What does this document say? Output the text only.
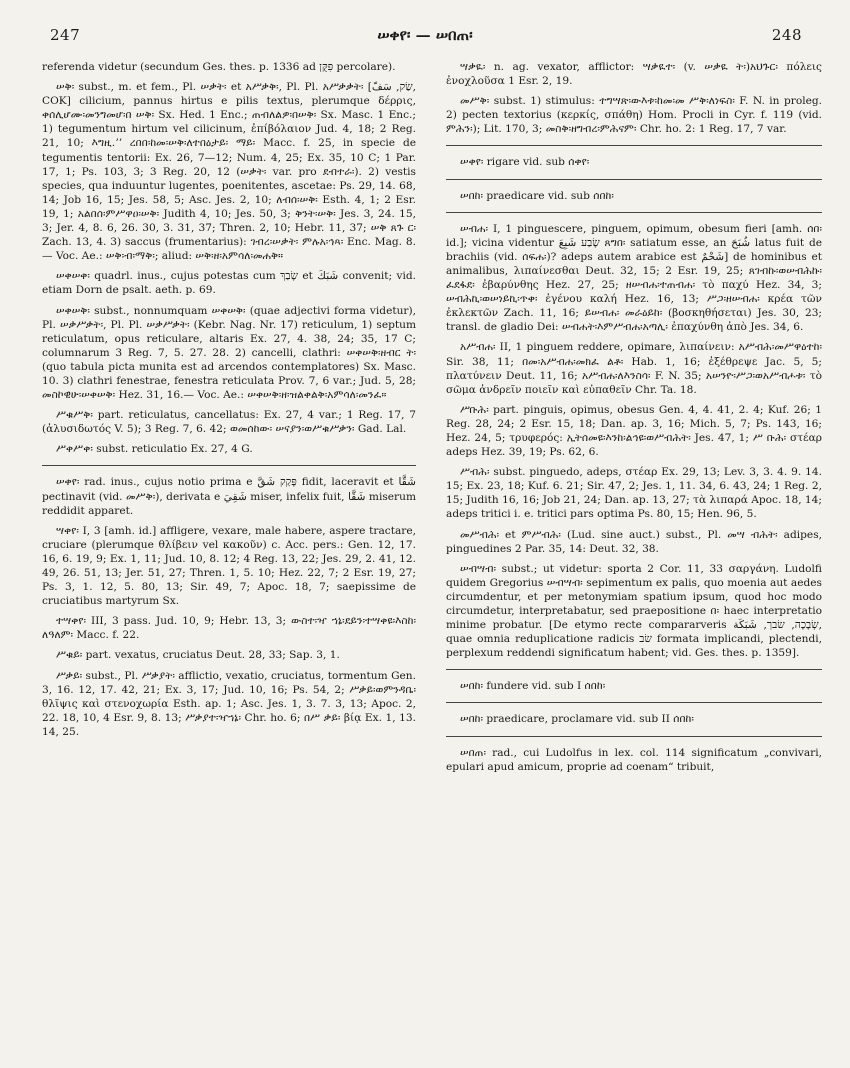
247	ሠቀየ፡ — ሠበጠ፡	248

referenda videtur (secundum Ges. thes. p. 1336 ad פִּקֻּן percolare).

ሠቅ፡ subst., m. et fem., Pl. ሠቃት፡ et አሥቃቅ፡, Pl. Pl. አሥቃቃት፡ [שַׂק, سَفّ, COK] cilicium, pannus hirtus e pilis textus, plerumque δέρρις, ቀሰሊሆሙ፡መንግመሆ፡በ ሠቅ፡ Sx. Hed. 1 Enc.; ጠብለልዎ፡በሠቅ፡ Sx. Masc. 1 Enc.; 1) tegumentum hirtum vel cilicinum, ἐπίβόλαιον Jud. 4, 18; 2 Reg. 21, 10; እግዚ.ʼʼ ረበበ፡ከመ፡ሠቅ፡ለተበዕታይ፡ ማይ፡ Macc. f. 25, in specie de tegumentis tentorii: Ex. 26, 7—12; Num. 4, 25; Ex. 35, 10 C; 1 Par. 17, 1; Ps. 103, 3; 3 Reg. 20, 12 (ሠቃት፡ var. pro ደብተራ፡). 2) vestis species, qua induuntur lugentes, poenitentes, ascetae: Ps. 29, 14. 68, 14; Job 16, 15; Jes. 58, 5; Asc. Jes. 2, 10; ለብሰ፡ሠቅ፡ Esth. 4, 1; 2 Esr. 19, 1; አልበሰ፡ምሥዋዐ፡ሠቅ፡ Judith 4, 10; Jes. 50, 3; ቅንት፡ሠቅ፡ Jes. 3, 24. 15, 3; Jer. 4, 8. 6, 26. 30, 3. 31, 37; Thren. 2, 10; Hebr. 11, 37; ሠቅ ጸጉ ር፡ Zach. 13, 4. 3) saccus (frumentarius): ገብረ፡ሠቃት፡ ምሉአ፡ኅጻ፡ Enc. Mag. 8. — Voc. Ae.: ሠቅ፡ብ፡ማቅ፡; aliud: ሠቅ፡ዘ፡አምሳለ፡መሐቅ።

ሠቀሠቀ፡ quadrl. inus., cujus potestas cum שָׂבַךְ et شَبَكَ convenit; vid. etiam Dorn de psalt. aeth. p. 69.

ሠቀሠቅ፡ subst., nonnumquam ሠቀሠቅ፡ (quae adjectivi forma videtur), Pl. ሠቃሥቃት፡, Pl. Pl. ሠቃሥቃት፡ (Kebr. Nag. Nr. 17) reticulum, 1) septum reticulatum, opus reticulare, altaris Ex. 27, 4. 38, 24; 35, 17 C; columnarum 3 Reg. 7, 5. 27. 28. 2) cancelli, clathri: ሠቀሠቅ፡ዘብር ት፡ (quo tabula picta munita est ad arcendos contemplatores) Sx. Masc. 10. 3) clathri fenestrae, fenestra reticulata Prov. 7, 6 var.; Jud. 5, 28; መስኮዊሁ፡ሠቀሠቅ፡ Hez. 31, 16.— Voc. Ae.: ሠቀሠቅ፡ዘ፡ዝልቀልቅ፡አምሳለ፡መንፈ።

ሥቁሥቅ፡ part. reticulatus, cancellatus: Ex. 27, 4 var.; 1 Reg. 17, 7 (ἀλυσιδωτός V. 5); 3 Reg. 7, 6. 42; ወመሰከው፡ ሠናያን፡ወሥቁሥቃን፡ Gad. Lal.

ሥቀሥቀ፡ subst. reticulatio Ex. 27, 4 G.

ሠቀየ፡ rad. inus., cujus notio prima e פָּקַק شَقَّ fidit, laceravit et شَقَّا pectinavit (vid. መሥቅ፡), derivata e شَقِيَ miser, infelix fuit, شَقَّا miserum reddidit apparet.

ሣቀየ፡ I, 3 [amh. id.] affligere, vexare, male habere, aspere tractare, cruciare (plerumque θλίβειν vel κακοῦν) c. Acc. pers.: Gen. 12, 17. 16, 6. 19, 9; Ex. 1, 11; Jud. 10, 8. 12; 4 Reg. 13, 22; Jes. 29, 2. 41, 12. 49, 26. 51, 13; Jer. 51, 27; Thren. 1, 5. 10; Hez. 22, 7; 2 Esr. 19, 27; Ps. 3, 1. 12, 5. 80, 13; Sir. 49, 7; Apoc. 18, 7; saepissime de cruciatibus martyrum Sx.

ተሣቀየ፡ III, 3 pass. Jud. 10, 9; Hebr. 13, 3; ውስተ፡ዣ ኀኔ፡ደይን፡ተሣቀዩ፡እስከ፡ለዓለም፡ Macc. f. 22.

ሥቁይ፡ part. vexatus, cruciatus Deut. 28, 33; Sap. 3, 1.

ሥቃይ፡ subst., Pl. ሥቃያት፡ afflictio, vexatio, cruciatus, tormentum Gen. 3, 16. 12, 17. 42, 21; Ex. 3, 17; Jud. 10, 16; Ps. 54, 2; ሥቃይ፡ወምንዳቤ፡ θλῖψις καὶ στενοχωρία Esth. ap. 1; Asc. Jes. 1, 3. 7. 3, 13; Apoc. 2, 22. 18, 10, 4 Esr. 9, 8. 13; ሥቃያተ፡ዣኀኔ፡ Chr. ho. 6; በሥ ቃይ፡ βίᾳ Ex. 1, 13. 14, 25.

ሣቃዪ፡ n. ag. vexator, afflictor: ሣቃዪተ፡ (v. ሠቃዪ ት፡)አህጉር፡ πόλεις ἐνοχλοῦσα 1 Esr. 2, 19.

መሥቅ፡ subst. 1) stimulus: ተግሣጽ፡ውእቱ፡ከመ፡መ ሥቅ፡ለነፍስ፡ F. N. in proleg. 2) pecten textorius (κερκίς, σπάθη) Hom. Procli in Cyr. f. 119 (vid. ምሕን፡); Lit. 170, 3; መስቅ፡ዘግብረ፡ምሕናም፡ Chr. ho. 2: 1 Reg. 17, 7 var.

ሠቀየ፡ rigare vid. sub ሰቀየ፡

ሠበከ፡ praedicare vid. sub ሰበከ፡

ሠብሐ፡ I, 1 pinguescere, pinguem, opimum, obesum fieri [amh. ሰበ፡ id.]; vicina videntur שָׂבַע شَبِعَ ጸግበ፡ satiatum esse, an شُبَحَ latus fuit de brachiis (vid. ሰፍሐ፡)? adeps autem arabice est شَحْمٌ] de hominibus et animalibus, λιπαίνεσθαι Deut. 32, 15; 2 Esr. 19, 25; ጸገብኩ፡ወሠብሕኩ፡ፈደፋደ፡ ἐβαρύνθης Hez. 27, 25; ዘሠብሐ፡ተጠብሐ፡ τὸ παχύ Hez. 34, 3; ሠብሕኪ፡ወሠነይኪ፡ጥቀ፡ ἐγένου καλή Hez. 16, 13; ሥጋ፡ዘሠብሐ፡ κρέα τῶν ἐκλεκτῶν Zach. 11, 16; ይሠብሐ፡ መራዕይከ፡ (βοσκηθήσεται) Jes. 30, 23; transl. de gladio Dei: ሠብሐት፡እምሥብሐ፡አጣሊ፡ ἐπαχύνθη ἀπὸ Jes. 34, 6.

አሥብሐ፡ II, 1 pinguem reddere, opimare, λιπαίνειν: አሥብሕ፡መሥዋዕተከ፡ Sir. 38, 11; በመ፡አሥብሐ፡መክፈ ልቶ፡ Hab. 1, 16; ἐξέθρεψε Jac. 5, 5; πλατύνειν Deut. 11, 16; አሥብሐ፡ለእንስሳ፡ F. N. 35; አሠንዮ፡ሥጋ፡ወአሥብሖቱ፡ τὸ σῶμα ἀνδρεῖν ποιεῖν καὶ εὐπαθεῖν Chr. Ta. 18.

ሥቡሕ፡ part. pinguis, opimus, obesus Gen. 4, 4. 41, 2. 4; Kuf. 26; 1 Reg. 28, 24; 2 Esr. 15, 18; Dan. ap. 3, 16; Mich. 5, 7; Ps. 143, 16; Hez. 24, 5; τρυφερός: ኢትሰመዩ፡እንከ፡ልኅዩ፡ወሥብሕት፡ Jes. 47, 1; ሥ ቡሕ፡ στέαρ adeps Hez. 39, 19; Ps. 62, 6.

ሥብሕ፡ subst. pinguedo, adeps, στέαρ Ex. 29, 13; Lev. 3, 3. 4. 9. 14. 15; Ex. 23, 18; Kuf. 6. 21; Sir. 47, 2; Jes. 1, 11. 34, 6. 43, 24; 1 Reg. 2, 15; Judith 16, 16; Job 21, 24; Dan. ap. 13, 27; τὰ λιπαρά Apoc. 18, 14; adeps tritici i. e. tritici pars optima Ps. 80, 15; Hen. 96, 5.

መሥብሕ፡ et ምሥብሕ፡ (Lud. sine auct.) subst., Pl. መሣ ብሕት፡ adipes, pinguedines 2 Par. 35, 14: Deut. 32, 38.

ሠብሣብ፡ subst.; ut videtur: sporta 2 Cor. 11, 33 σαργάνη. Ludolfi quidem Gregorius ሠብሣብ፡ sepimentum ex palis, quo moenia aut aedes circumdentur, et per metonymiam spatium ipsum, quod hoc modo circumdetur, interpretabatur, sed praepositione በ፡ haec interpretatio minime probatur. [De etymo recte compararveris שְׂבָכָה, שׂבך, شَبَكَة, quae omnia reduplicatione radicis שׂב formata implicandi, plectendi, perplexum reddendi significatum habent; vid. Ges. thes. p. 1359].

ሠበከ፡ fundere vid. sub I ሰበከ፡

ሠበከ፡ praedicare, proclamare vid. sub II ሰበከ፡

ሠበጠ፡ rad., cui Ludolfus in lex. col. 114 significatum „convivari, epulari apud amicum, proprie ad coenam“ tribuit,
